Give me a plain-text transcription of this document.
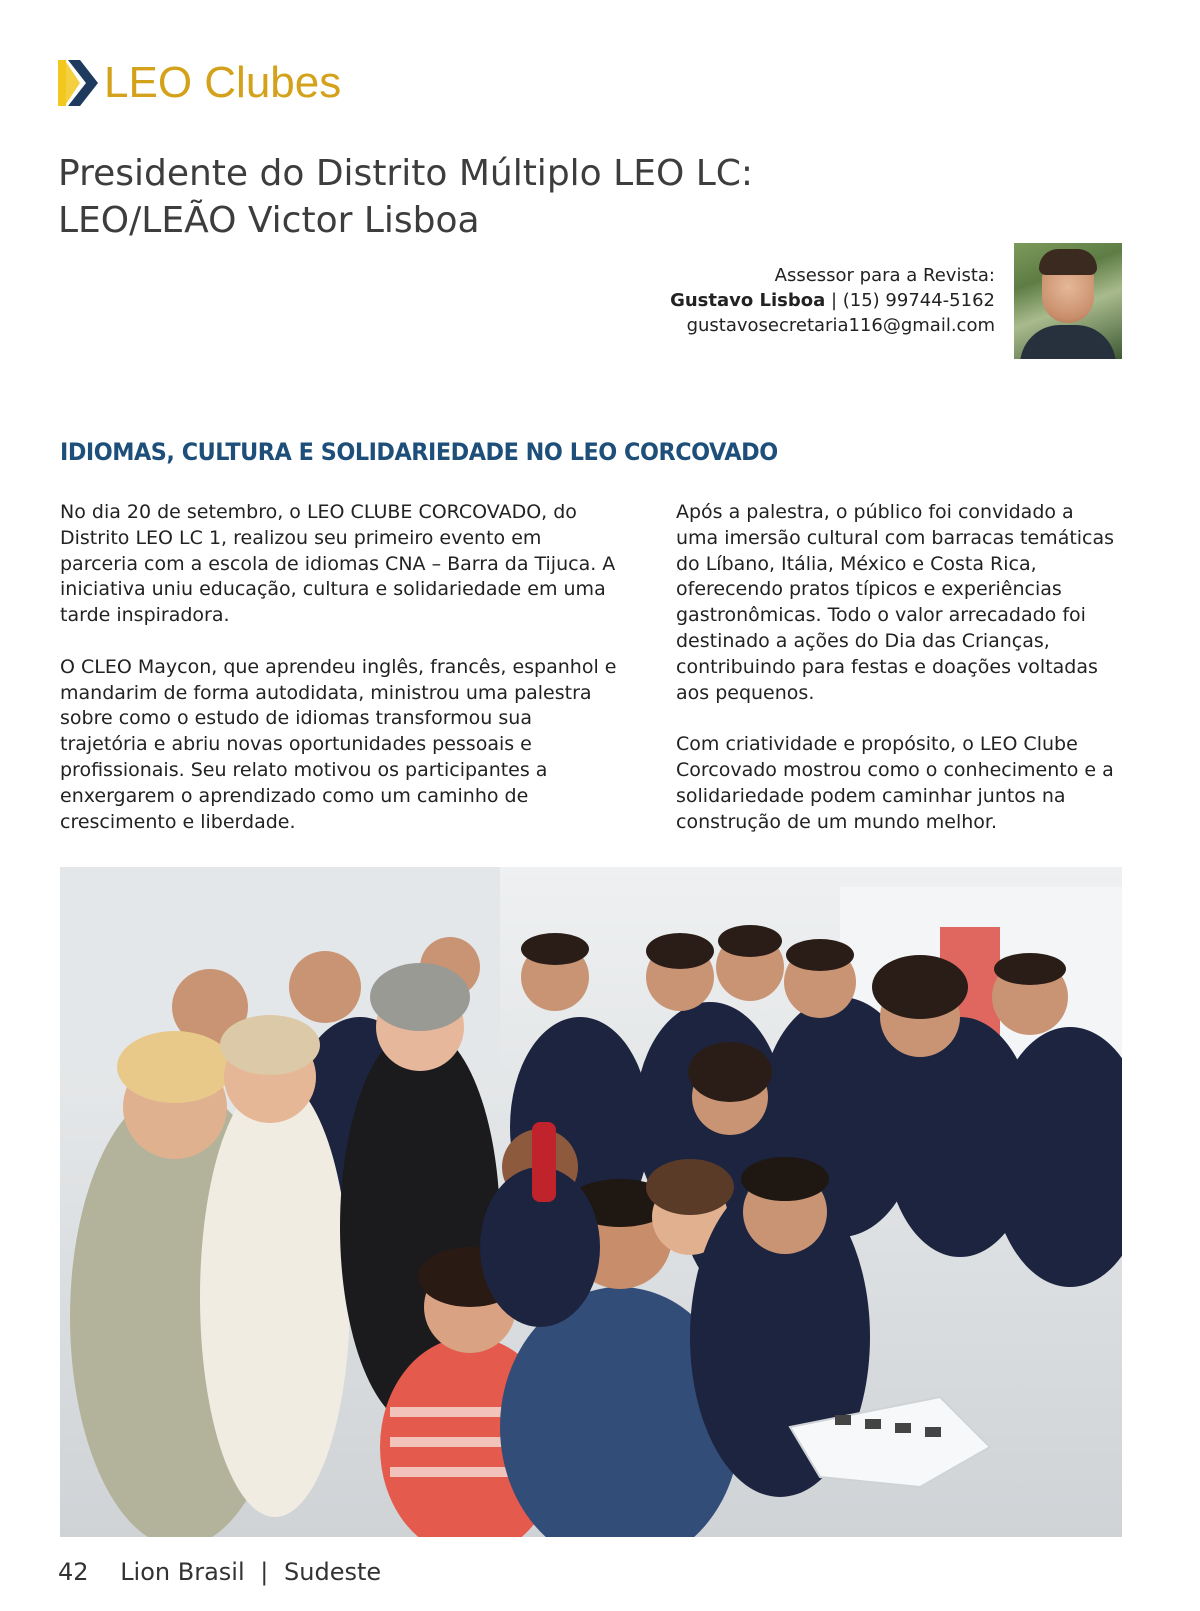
LEO Clubes
Presidente do Distrito Múltiplo LEO LC:
LEO/LEÃO Victor Lisboa
Assessor para a Revista:
Gustavo Lisboa | (15) 99744-5162
gustavosecretaria116@gmail.com
IDIOMAS, CULTURA E SOLIDARIEDADE NO LEO CORCOVADO

No dia 20 de setembro, o LEO CLUBE CORCOVADO, do Distrito LEO LC 1, realizou seu primeiro evento em parceria com a escola de idiomas CNA – Barra da Tijuca. A iniciativa uniu educação, cultura e solidariedade em uma tarde inspiradora.

O CLEO Maycon, que aprendeu inglês, francês, espanhol e mandarim de forma autodidata, ministrou uma palestra sobre como o estudo de idiomas transformou sua trajetória e abriu novas oportunidades pessoais e profissionais. Seu relato motivou os participantes a enxergarem o aprendizado como um caminho de crescimento e liberdade.

Após a palestra, o público foi convidado a uma imersão cultural com barracas temáticas do Líbano, Itália, México e Costa Rica, oferecendo pratos típicos e experiências gastronômicas. Todo o valor arrecadado foi destinado a ações do Dia das Crianças, contribuindo para festas e doações voltadas aos pequenos.

Com criatividade e propósito, o LEO Clube Corcovado mostrou como o conhecimento e a solidariedade podem caminhar juntos na construção de um mundo melhor.

42 Lion Brasil | Sudeste
